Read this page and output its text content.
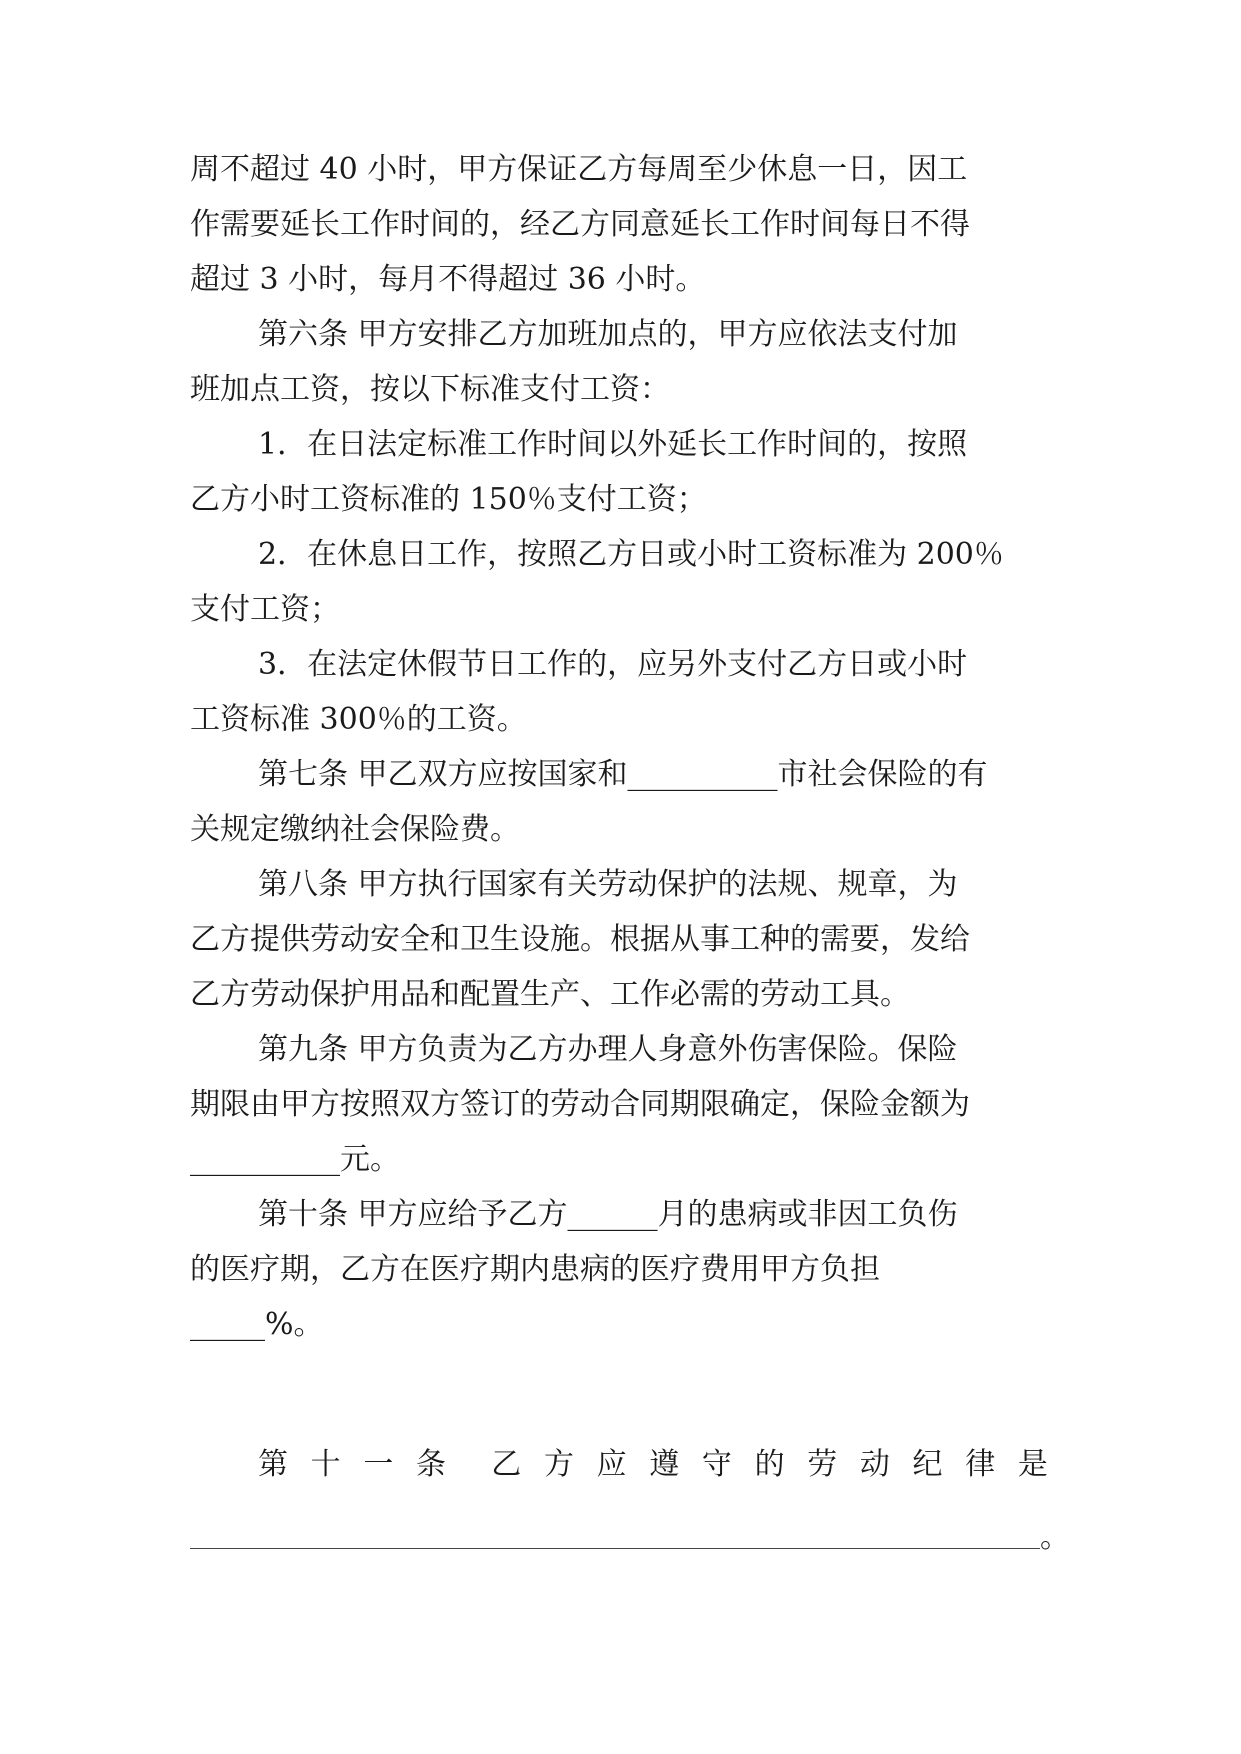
周不超过 40 小时，甲方保证乙方每周至少休息一日，因工
作需要延长工作时间的，经乙方同意延长工作时间每日不得
超过 3 小时，每月不得超过 36 小时。
第六条 甲方安排乙方加班加点的，甲方应依法支付加
班加点工资，按以下标准支付工资：
1．在日法定标准工作时间以外延长工作时间的，按照
乙方小时工资标准的 150％支付工资；
2．在休息日工作，按照乙方日或小时工资标准为 200％
支付工资；
3．在法定休假节日工作的，应另外支付乙方日或小时
工资标准 300％的工资。
第七条 甲乙双方应按国家和__________市社会保险的有
关规定缴纳社会保险费。
第八条 甲方执行国家有关劳动保护的法规、规章，为
乙方提供劳动安全和卫生设施。根据从事工种的需要，发给
乙方劳动保护用品和配置生产、工作必需的劳动工具。
第九条 甲方负责为乙方办理人身意外伤害保险。保险
期限由甲方按照双方签订的劳动合同期限确定，保险金额为
__________元。
第十条 甲方应给予乙方______月的患病或非因工负伤
的医疗期，乙方在医疗期内患病的医疗费用甲方负担
_____%。
第 十 一 条 乙 方 应 遵 守 的 劳 动 纪 律 是
。
